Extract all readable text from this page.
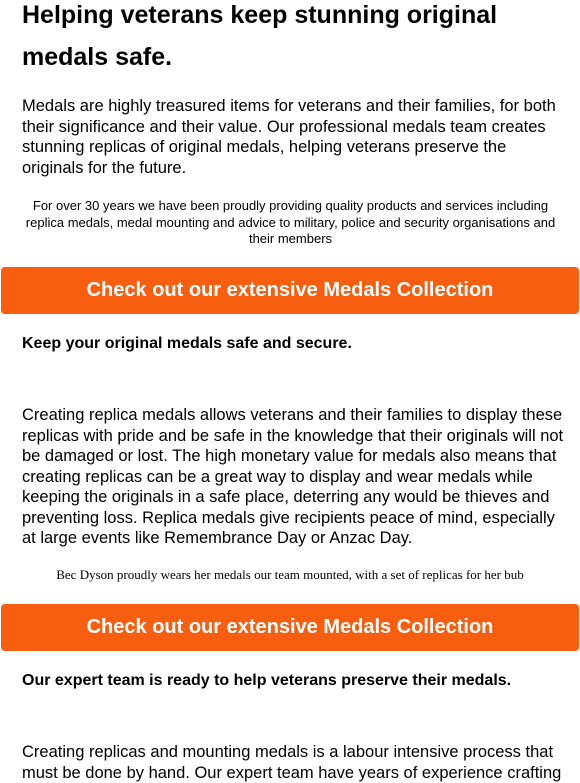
Helping veterans keep stunning original medals safe.

Medals are highly treasured items for veterans and their families, for both their significance and their value. Our professional medals team creates stunning replicas of original medals, helping veterans preserve the originals for the future.

For over 30 years we have been proudly providing quality products and services including replica medals, medal mounting and advice to military, police and security organisations and their members

Check out our extensive Medals Collection

Keep your original medals safe and secure.

Creating replica medals allows veterans and their families to display these replicas with pride and be safe in the knowledge that their originals will not be damaged or lost. The high monetary value for medals also means that creating replicas can be a great way to display and wear medals while keeping the originals in a safe place, deterring any would be thieves and preventing loss. Replica medals give recipients peace of mind, especially at large events like Remembrance Day or Anzac Day.

Bec Dyson proudly wears her medals our team mounted, with a set of replicas for her bub

Check out our extensive Medals Collection

Our expert team is ready to help veterans preserve their medals.

Creating replicas and mounting medals is a labour intensive process that must be done by hand. Our expert team have years of experience crafting
